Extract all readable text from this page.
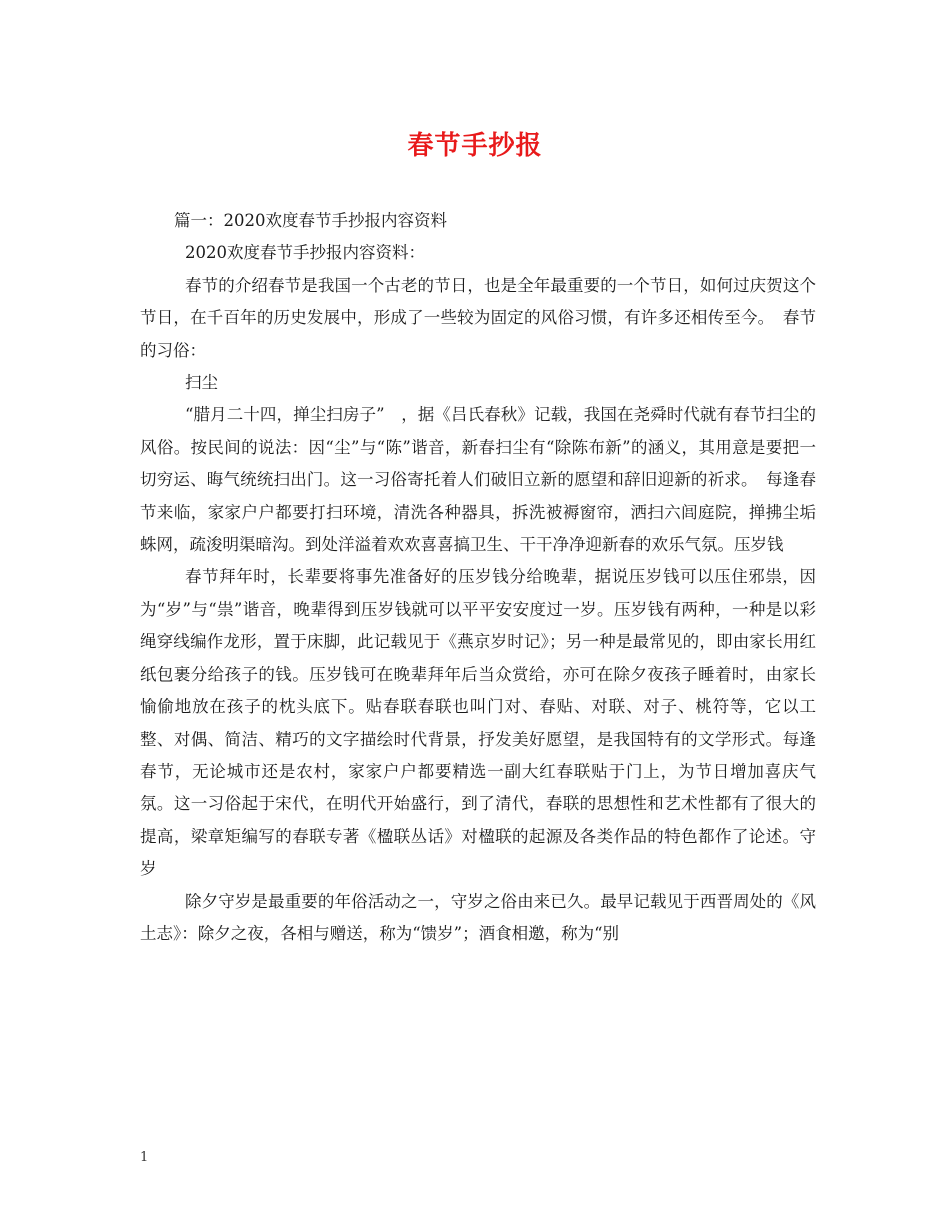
春节手抄报

篇一：2020欢度春节手抄报内容资料

2020欢度春节手抄报内容资料：

春节的介绍春节是我国一个古老的节日，也是全年最重要的一个节日，如何过庆贺这个节日，在千百年的历史发展中，形成了一些较为固定的风俗习惯，有许多还相传至今。　春节的习俗：

扫尘

“腊月二十四，掸尘扫房子”　，据《吕氏春秋》记载，我国在尧舜时代就有春节扫尘的风俗。按民间的说法：因“尘”与“陈”谐音，新春扫尘有“除陈布新”的涵义，其用意是要把一切穷运、晦气统统扫出门。这一习俗寄托着人们破旧立新的愿望和辞旧迎新的祈求。　每逢春节来临，家家户户都要打扫环境，清洗各种器具，拆洗被褥窗帘，洒扫六闾庭院，掸拂尘垢蛛网，疏浚明渠暗沟。到处洋溢着欢欢喜喜搞卫生、干干净净迎新春的欢乐气氛。压岁钱

春节拜年时，长辈要将事先准备好的压岁钱分给晚辈，据说压岁钱可以压住邪祟，因为“岁”与“祟”谐音，晚辈得到压岁钱就可以平平安安度过一岁。压岁钱有两种，一种是以彩绳穿线编作龙形，置于床脚，此记载见于《燕京岁时记》；另一种是最常见的，即由家长用红纸包裹分给孩子的钱。压岁钱可在晚辈拜年后当众赏给，亦可在除夕夜孩子睡着时，由家长愉偷地放在孩子的枕头底下。贴春联春联也叫门对、春贴、对联、对子、桃符等，它以工整、对偶、简洁、精巧的文字描绘时代背景，抒发美好愿望，是我国特有的文学形式。每逢春节，无论城市还是农村，家家户户都要精选一副大红春联贴于门上，为节日增加喜庆气氛。这一习俗起于宋代，在明代开始盛行，到了清代，春联的思想性和艺术性都有了很大的提高，梁章矩编写的春联专著《楹联丛话》对楹联的起源及各类作品的特色都作了论述。守岁

除夕守岁是最重要的年俗活动之一，守岁之俗由来已久。最早记载见于西晋周处的《风土志》：除夕之夜，各相与赠送，称为“馈岁”；酒食相邀，称为“别

1
